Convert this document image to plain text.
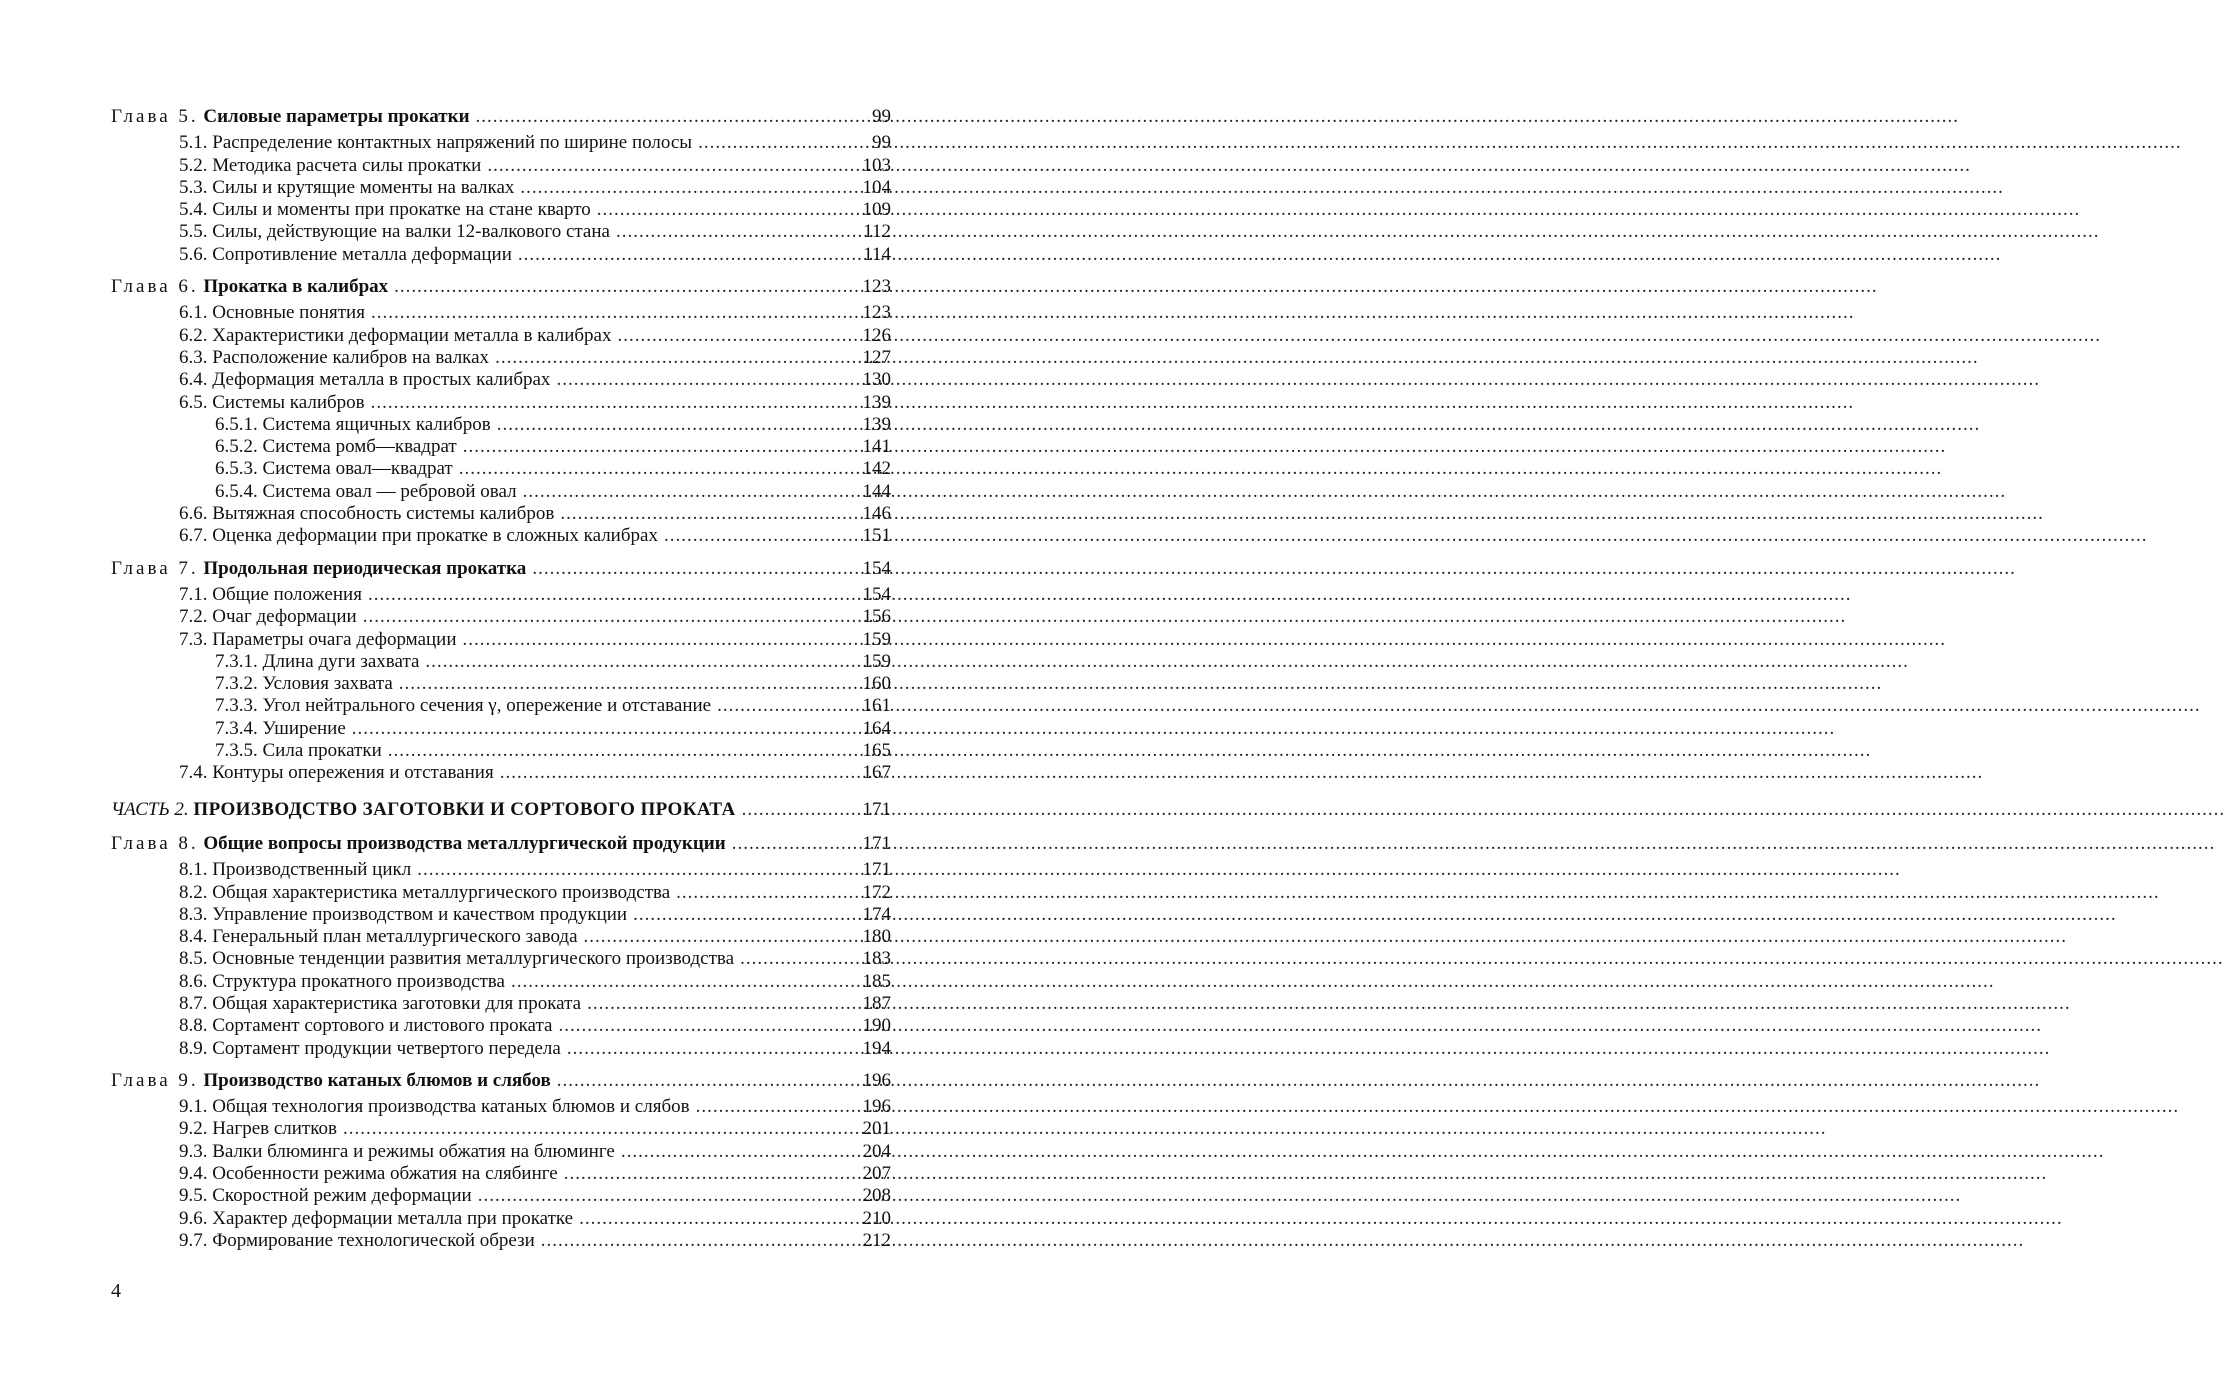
Глава 5. Силовые параметры прокатки .....	99
5.1. Распределение контактных напряжений по ширине полосы .....	99
5.2. Методика расчета силы прокатки .....	103
5.3. Силы и крутящие моменты на валках .....	104
5.4. Силы и моменты при прокатке на стане кварто .....	109
5.5. Силы, действующие на валки 12-валкового стана .....	112
5.6. Сопротивление металла деформации .....	114
Глава 6. Прокатка в калибрах .....	123
6.1. Основные понятия .....	123
6.2. Характеристики деформации металла в калибрах .....	126
6.3. Расположение калибров на валках .....	127
6.4. Деформация металла в простых калибрах .....	130
6.5. Системы калибров .....	139
6.5.1. Система ящичных калибров .....	139
6.5.2. Система ромб—квадрат .....	141
6.5.3. Система овал—квадрат .....	142
6.5.4. Система овал — ребровой овал .....	144
6.6. Вытяжная способность системы калибров .....	146
6.7. Оценка деформации при прокатке в сложных калибрах .....	151
Глава 7. Продольная периодическая прокатка .....	154
7.1. Общие положения .....	154
7.2. Очаг деформации .....	156
7.3. Параметры очага деформации .....	159
7.3.1. Длина дуги захвата .....	159
7.3.2. Условия захвата .....	160
7.3.3. Угол нейтрального сечения γ, опережение и отставание .....	161
7.3.4. Уширение .....	164
7.3.5. Сила прокатки .....	165
7.4. Контуры опережения и отставания .....	167
ЧАСТЬ 2. ПРОИЗВОДСТВО ЗАГОТОВКИ И СОРТОВОГО ПРОКАТА .....	171
Глава 8. Общие вопросы производства металлургической продукции .....	171
8.1. Производственный цикл .....	171
8.2. Общая характеристика металлургического производства .....	172
8.3. Управление производством и качеством продукции .....	174
8.4. Генеральный план металлургического завода .....	180
8.5. Основные тенденции развития металлургического производства .....	183
8.6. Структура прокатного производства .....	185
8.7. Общая характеристика заготовки для проката .....	187
8.8. Сортамент сортового и листового проката .....	190
8.9. Сортамент продукции четвертого передела .....	194
Глава 9. Производство катаных блюмов и слябов .....	196
9.1. Общая технология производства катаных блюмов и слябов .....	196
9.2. Нагрев слитков .....	201
9.3. Валки блюминга и режимы обжатия на блюминге .....	204
9.4. Особенности режима обжатия на слябинге .....	207
9.5. Скоростной режим деформации .....	208
9.6. Характер деформации металла при прокатке .....	210
9.7. Формирование технологической обрези .....	212
4
